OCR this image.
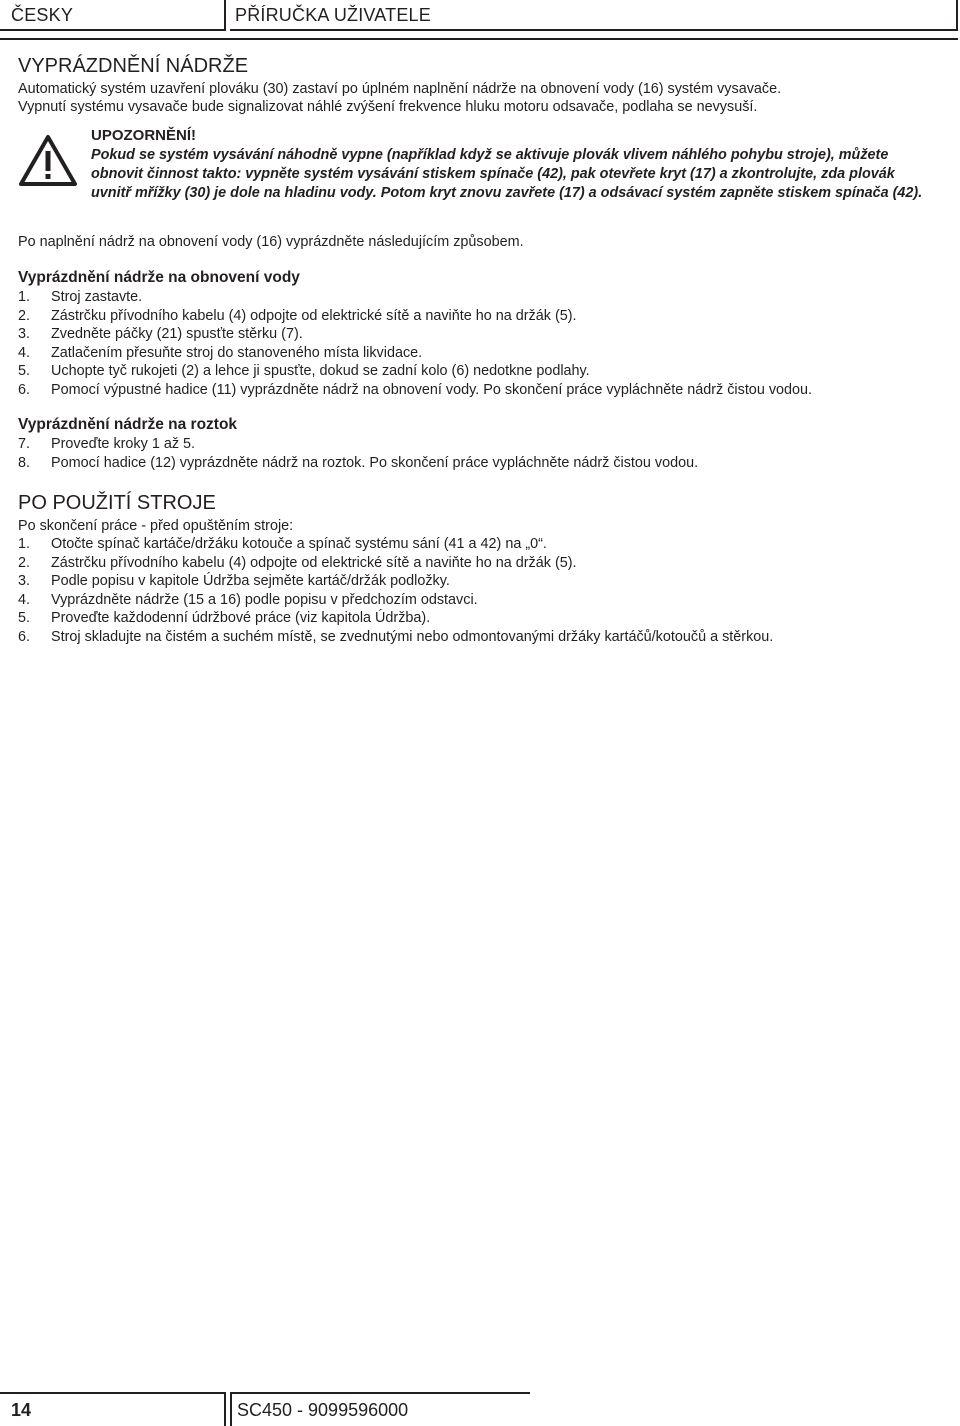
ČESKY	PŘÍRUČKA UŽIVATELE
VYPRÁZDNĚNÍ NÁDRŽE

Automatický systém uzavření plováku (30) zastaví po úplném naplnění nádrže na obnovení vody (16) systém vysavače.

Vypnutí systému vysavače bude signalizovat náhlé zvýšení frekvence hluku motoru odsavače, podlaha se nevysuší.

UPOZORNĚNÍ!
Pokud se systém vysávání náhodně vypne (například když se aktivuje plovák vlivem náhlého pohybu stroje), můžete obnovit činnost takto: vypněte systém vysávání stiskem spínače (42), pak otevřete kryt (17) a zkontrolujte, zda plovák uvnitř mřížky (30) je dole na hladinu vody. Potom kryt znovu zavřete (17) a odsávací systém zapněte stiskem spínača (42).

Po naplnění nádrž na obnovení vody (16) vyprázdněte následujícím způsobem.

Vyprázdnění nádrže na obnovení vody
1. Stroj zastavte.
2. Zástrčku přívodního kabelu (4) odpojte od elektrické sítě a naviňte ho na držák (5).
3. Zvedněte páčky (21) spusťte stěrku (7).
4. Zatlačením přesuňte stroj do stanoveného místa likvidace.
5. Uchopte tyč rukojeti (2) a lehce ji spusťte, dokud se zadní kolo (6) nedotkne podlahy.
6. Pomocí výpustné hadice (11) vyprázdněte nádrž na obnovení vody. Po skončení práce vypláchněte nádrž čistou vodou.
Vyprázdnění nádrže na roztok
7. Proveďte kroky 1 až 5.
8. Pomocí hadice (12) vyprázdněte nádrž na roztok. Po skončení práce vypláchněte nádrž čistou vodou.
PO POUŽITÍ STROJE

Po skončení práce - před opuštěním stroje:

1. Otočte spínač kartáče/držáku kotouče a spínač systému sání (41 a 42) na „0“.
2. Zástrčku přívodního kabelu (4) odpojte od elektrické sítě a naviňte ho na držák (5).
3. Podle popisu v kapitole Údržba sejměte kartáč/držák podložky.
4. Vyprázdněte nádrže (15 a 16) podle popisu v předchozím odstavci.
5. Proveďte každodenní údržbové práce (viz kapitola Údržba).
6. Stroj skladujte na čistém a suchém místě, se zvednutými nebo odmontovanými držáky kartáčů/kotoučů a stěrkou.
14	SC450 - 9099596000
